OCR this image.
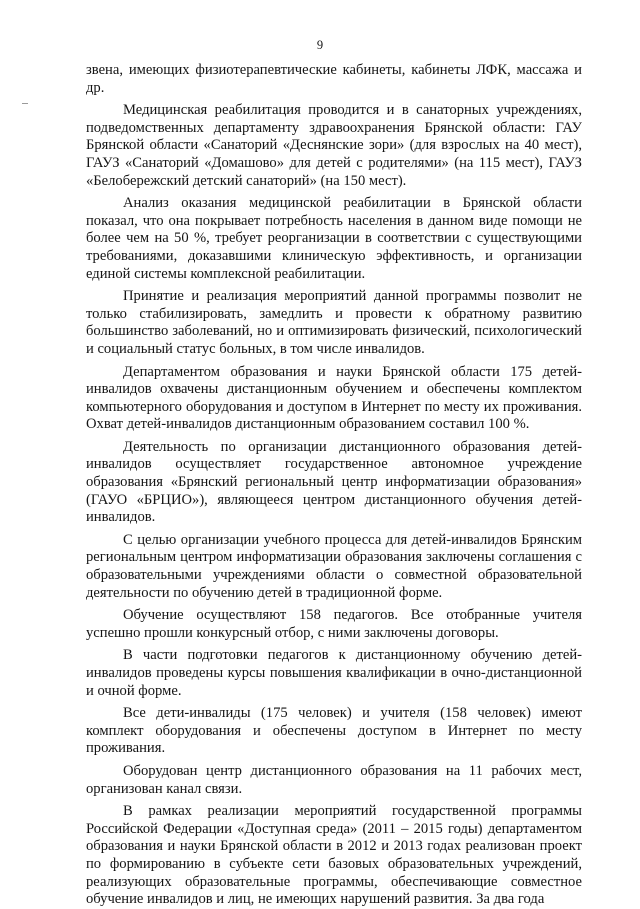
9

звена, имеющих физиотерапевтические кабинеты, кабинеты ЛФК, массажа и др.

Медицинская реабилитация проводится и в санаторных учреждениях, подведомственных департаменту здравоохранения Брянской области: ГАУ Брянской области «Санаторий «Деснянские зори» (для взрослых на 40 мест), ГАУЗ «Санаторий «Домашово» для детей с родителями» (на 115 мест), ГАУЗ «Белобережский детский санаторий» (на 150 мест).

Анализ оказания медицинской реабилитации в Брянской области показал, что она покрывает потребность населения в данном виде помощи не более чем на 50 %, требует реорганизации в соответствии с существующими требованиями, доказавшими клиническую эффективность, и организации единой системы комплексной реабилитации.

Принятие и реализация мероприятий данной программы позволит не только стабилизировать, замедлить и провести к обратному развитию большинство заболеваний, но и оптимизировать физический, психологический и социальный статус больных, в том числе инвалидов.

Департаментом образования и науки Брянской области 175 детей-инвалидов охвачены дистанционным обучением и обеспечены комплектом компьютерного оборудования и доступом в Интернет по месту их проживания. Охват детей-инвалидов дистанционным образованием составил 100 %.

Деятельность по организации дистанционного образования детей-инвалидов осуществляет государственное автономное учреждение образования «Брянский региональный центр информатизации образования» (ГАУО «БРЦИО»), являющееся центром дистанционного обучения детей-инвалидов.

С целью организации учебного процесса для детей-инвалидов Брянским региональным центром информатизации образования заключены соглашения с образовательными учреждениями области о совместной образовательной деятельности по обучению детей в традиционной форме.

Обучение осуществляют 158 педагогов. Все отобранные учителя успешно прошли конкурсный отбор, с ними заключены договоры.

В части подготовки педагогов к дистанционному обучению детей-инвалидов проведены курсы повышения квалификации в очно-дистанционной и очной форме.

Все дети-инвалиды (175 человек) и учителя (158 человек) имеют комплект оборудования и обеспечены доступом в Интернет по месту проживания.

Оборудован центр дистанционного образования на 11 рабочих мест, организован канал связи.

В рамках реализации мероприятий государственной программы Российской Федерации «Доступная среда» (2011 – 2015 годы) департаментом образования и науки Брянской области в 2012 и 2013 годах реализован проект по формированию в субъекте сети базовых образовательных учреждений, реализующих образовательные программы, обеспечивающие совместное обучение инвалидов и лиц, не имеющих нарушений развития. За два года
